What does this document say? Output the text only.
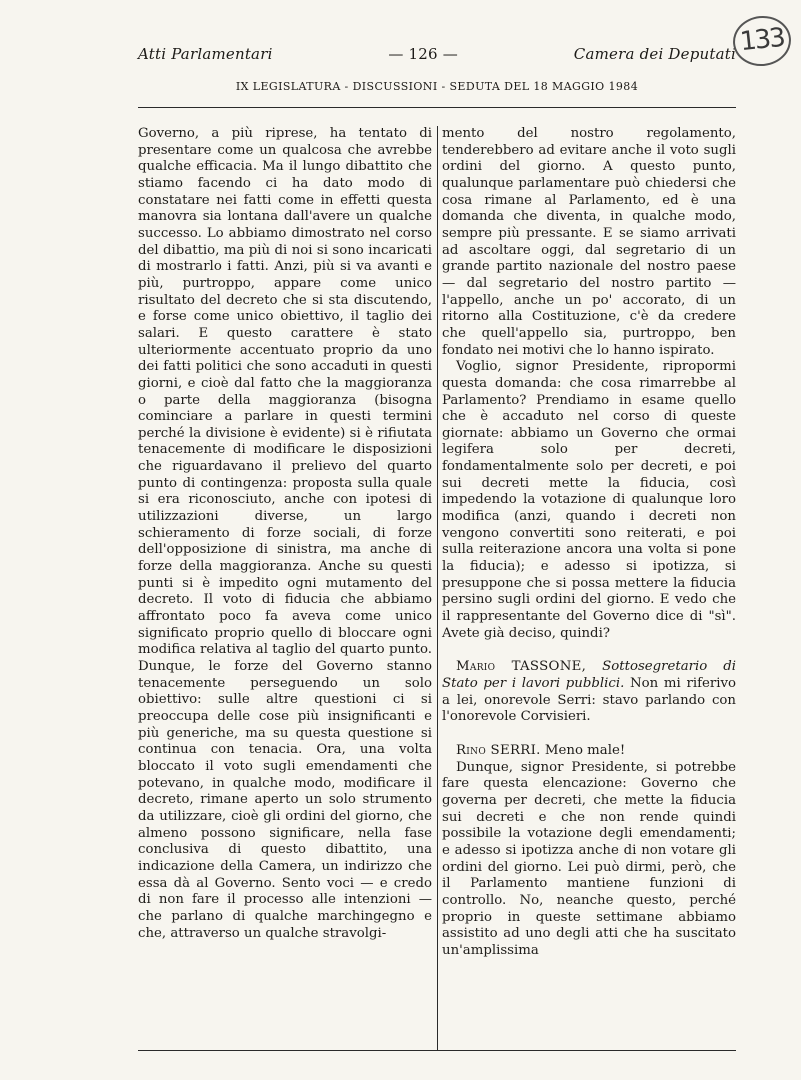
Atti Parlamentari	— 126 —	Camera dei Deputati 133
IX LEGISLATURA - DISCUSSIONI - SEDUTA DEL 18 MAGGIO 1984

Governo, a più riprese, ha tentato di presentare come un qualcosa che avrebbe qualche efficacia. Ma il lungo dibattito che stiamo facendo ci ha dato modo di constatare nei fatti come in effetti questa manovra sia lontana dall'avere un qualche successo. Lo abbiamo dimostrato nel corso del dibattio, ma più di noi si sono incaricati di mostrarlo i fatti. Anzi, più si va avanti e più, purtroppo, appare come unico risultato del decreto che si sta discutendo, e forse come unico obiettivo, il taglio dei salari. E questo carattere è stato ulteriormente accentuato proprio da uno dei fatti politici che sono accaduti in questi giorni, e cioè dal fatto che la maggioranza o parte della maggioranza (bisogna cominciare a parlare in questi termini perché la divisione è evidente) si è rifiutata tenacemente di modificare le disposizioni che riguardavano il prelievo del quarto punto di contingenza: proposta sulla quale si era riconosciuto, anche con ipotesi di utilizzazioni diverse, un largo schieramento di forze sociali, di forze dell'opposizione di sinistra, ma anche di forze della maggioranza. Anche su questi punti si è impedito ogni mutamento del decreto. Il voto di fiducia che abbiamo affrontato poco fa aveva come unico significato proprio quello di bloccare ogni modifica relativa al taglio del quarto punto. Dunque, le forze del Governo stanno tenacemente perseguendo un solo obiettivo: sulle altre questioni ci si preoccupa delle cose più insignificanti e più generiche, ma su questa questione si continua con tenacia. Ora, una volta bloccato il voto sugli emendamenti che potevano, in qualche modo, modificare il decreto, rimane aperto un solo strumento da utilizzare, cioè gli ordini del giorno, che almeno possono significare, nella fase conclusiva di questo dibattito, una indicazione della Camera, un indirizzo che essa dà al Governo. Sento voci — e credo di non fare il processo alle intenzioni — che parlano di qualche marchingegno e che, attraverso un qualche stravolgi-

mento del nostro regolamento, tenderebbero ad evitare anche il voto sugli ordini del giorno. A questo punto, qualunque parlamentare può chiedersi che cosa rimane al Parlamento, ed è una domanda che diventa, in qualche modo, sempre più pressante. E se siamo arrivati ad ascoltare oggi, dal segretario di un grande partito nazionale del nostro paese — dal segretario del nostro partito — l'appello, anche un po' accorato, di un ritorno alla Costituzione, c'è da credere che quell'appello sia, purtroppo, ben fondato nei motivi che lo hanno ispirato.

Voglio, signor Presidente, ripropormi questa domanda: che cosa rimarrebbe al Parlamento? Prendiamo in esame quello che è accaduto nel corso di queste giornate: abbiamo un Governo che ormai legifera solo per decreti, fondamentalmente solo per decreti, e poi sui decreti mette la fiducia, così impedendo la votazione di qualunque loro modifica (anzi, quando i decreti non vengono convertiti sono reiterati, e poi sulla reiterazione ancora una volta si pone la fiducia); e adesso si ipotizza, si presuppone che si possa mettere la fiducia persino sugli ordini del giorno. E vedo che il rappresentante del Governo dice di "sì". Avete già deciso, quindi?

Mario TASSONE, Sottosegretario di Stato per i lavori pubblici. Non mi riferivo a lei, onorevole Serri: stavo parlando con l'onorevole Corvisieri.

Rino SERRI. Meno male!

Dunque, signor Presidente, si potrebbe fare questa elencazione: Governo che governa per decreti, che mette la fiducia sui decreti e che non rende quindi possibile la votazione degli emendamenti; e adesso si ipotizza anche di non votare gli ordini del giorno. Lei può dirmi, però, che il Parlamento mantiene funzioni di controllo. No, neanche questo, perché proprio in queste settimane abbiamo assistito ad uno degli atti che ha suscitato un'amplissima
